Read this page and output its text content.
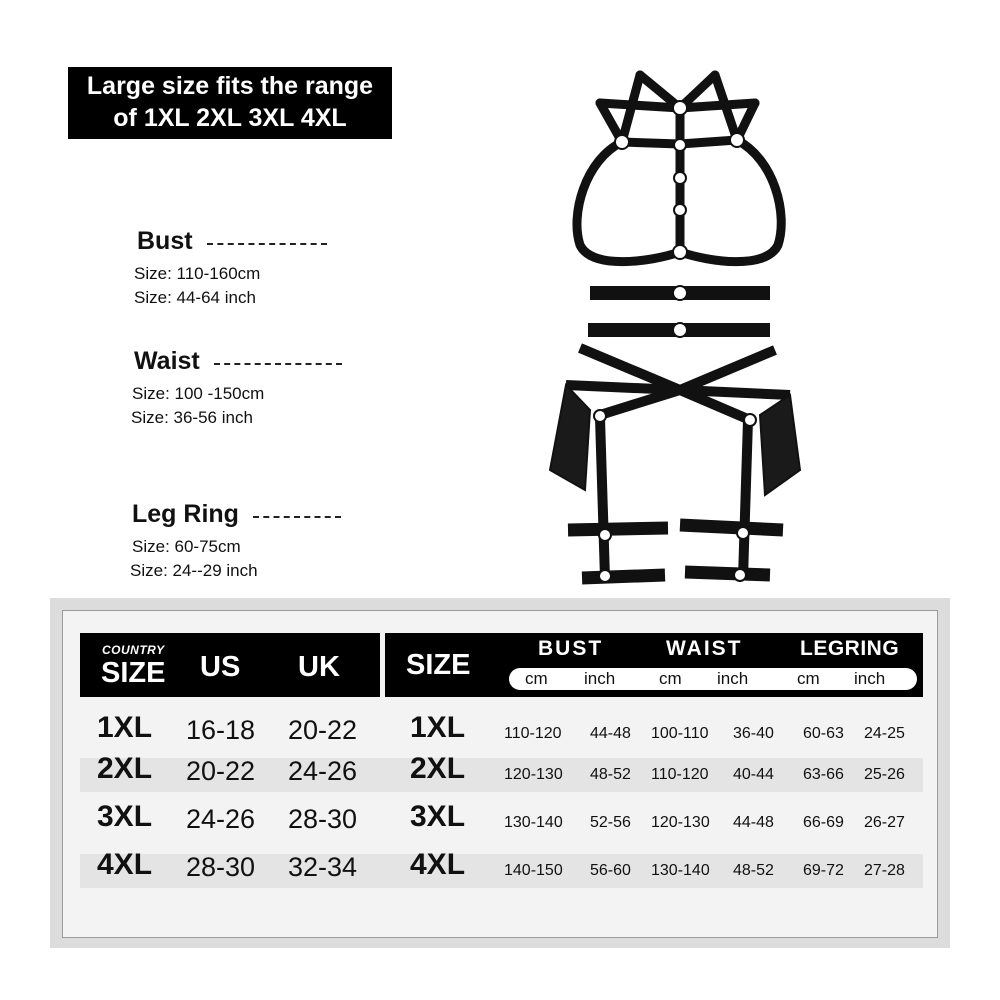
Large size fits the range
of 1XL 2XL 3XL 4XL
Bust
Size: 110-160cm
Size: 44-64 inch
Waist
Size: 100 -150cm
Size: 36-56 inch
Leg Ring
Size: 60-75cm
Size: 24--29 inch
COUNTRY
SIZE US UK SIZE
BUST	WAIST	LEGRING
cm inch	cm inch	cm inch
1XL 16-18 20-22 1XL 110-120 44-48 100-110 36-40 60-63 24-25
2XL 20-22 24-26 2XL 120-130 48-52 110-120 40-44 63-66 25-26
3XL 24-26 28-30 3XL 130-140 52-56 120-130 44-48 66-69 26-27
4XL 28-30 32-34 4XL 140-150 56-60 130-140 48-52 69-72 27-28
